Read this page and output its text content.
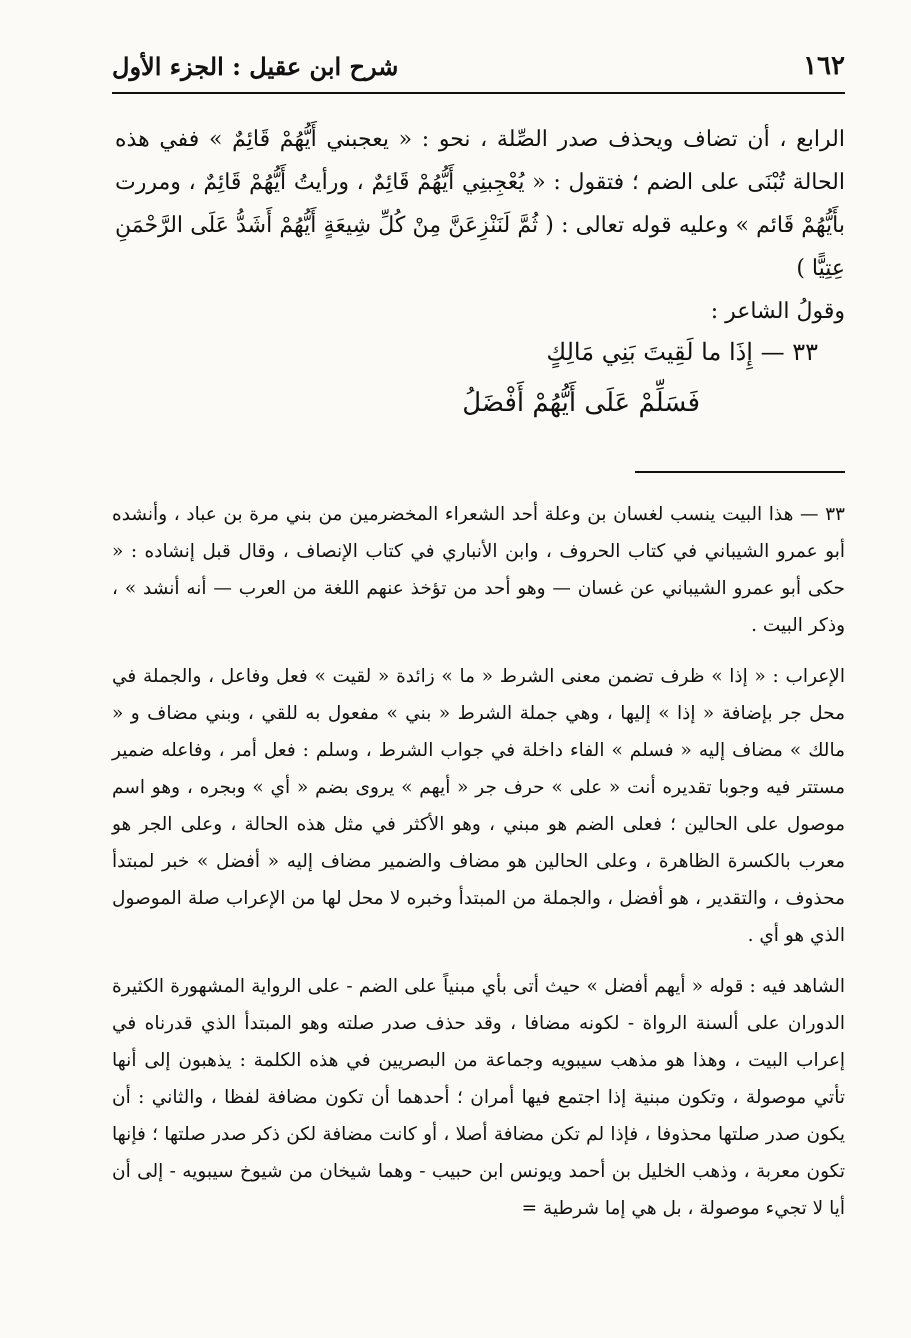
١٦٢
شرح ابن عقيل : الجزء الأول

الرابع ، أن تضاف ويحذف صدر الصِّلة ، نحو : « يعجبني أَيُّهُمْ قَائِمٌ » ففي هذه الحالة تُبْنَى على الضم ؛ فتقول : « يُعْجِبنِي أَيُّهُمْ قَائِمٌ ، ورأيتُ أَيُّهُمْ قَائِمٌ ، ومررت بأَيُّهُمْ قَائم » وعليه قوله تعالى : ( ثُمَّ لَنَنْزِعَنَّ مِنْ كُلِّ شِيعَةٍ أَيُّهُمْ أَشَدُّ عَلَى الرَّحْمَنِ عِتِيًّا )

وقولُ الشاعر :

٣٣ — إِذَا ما لَقِيتَ بَنِي مَالِكٍ
فَسَلِّمْ عَلَى أَيُّهُمْ أَفْضَلُ

٣٣ — هذا البيت ينسب لغسان بن وعلة أحد الشعراء المخضرمين من بني مرة بن عباد ، وأنشده أبو عمرو الشيباني في كتاب الحروف ، وابن الأنباري في كتاب الإنصاف ، وقال قبل إنشاده : « حكى أبو عمرو الشيباني عن غسان — وهو أحد من تؤخذ عنهم اللغة من العرب — أنه أنشد » ، وذكر البيت .

الإعراب : « إذا » ظرف تضمن معنى الشرط « ما » زائدة « لقيت » فعل وفاعل ، والجملة في محل جر بإضافة « إذا » إليها ، وهي جملة الشرط « بني » مفعول به للقي ، وبني مضاف و « مالك » مضاف إليه « فسلم » الفاء داخلة في جواب الشرط ، وسلم : فعل أمر ، وفاعله ضمير مستتر فيه وجوبا تقديره أنت « على » حرف جر « أيهم » يروى بضم « أي » وبجره ، وهو اسم موصول على الحالين ؛ فعلى الضم هو مبني ، وهو الأكثر في مثل هذه الحالة ، وعلى الجر هو معرب بالكسرة الظاهرة ، وعلى الحالين هو مضاف والضمير مضاف إليه « أفضل » خبر لمبتدأ محذوف ، والتقدير ، هو أفضل ، والجملة من المبتدأ وخبره لا محل لها من الإعراب صلة الموصول الذي هو أي .

الشاهد فيه : قوله « أيهم أفضل » حيث أتى بأي مبنياً على الضم - على الرواية المشهورة الكثيرة الدوران على ألسنة الرواة - لكونه مضافا ، وقد حذف صدر صلته وهو المبتدأ الذي قدرناه في إعراب البيت ، وهذا هو مذهب سيبويه وجماعة من البصريين في هذه الكلمة : يذهبون إلى أنها تأتي موصولة ، وتكون مبنية إذا اجتمع فيها أمران ؛ أحدهما أن تكون مضافة لفظا ، والثاني : أن يكون صدر صلتها محذوفا ، فإذا لم تكن مضافة أصلا ، أو كانت مضافة لكن ذكر صدر صلتها ؛ فإنها تكون معربة ، وذهب الخليل بن أحمد ويونس ابن حبيب - وهما شيخان من شيوخ سيبويه - إلى أن أيا لا تجيء موصولة ، بل هي إما شرطية =
